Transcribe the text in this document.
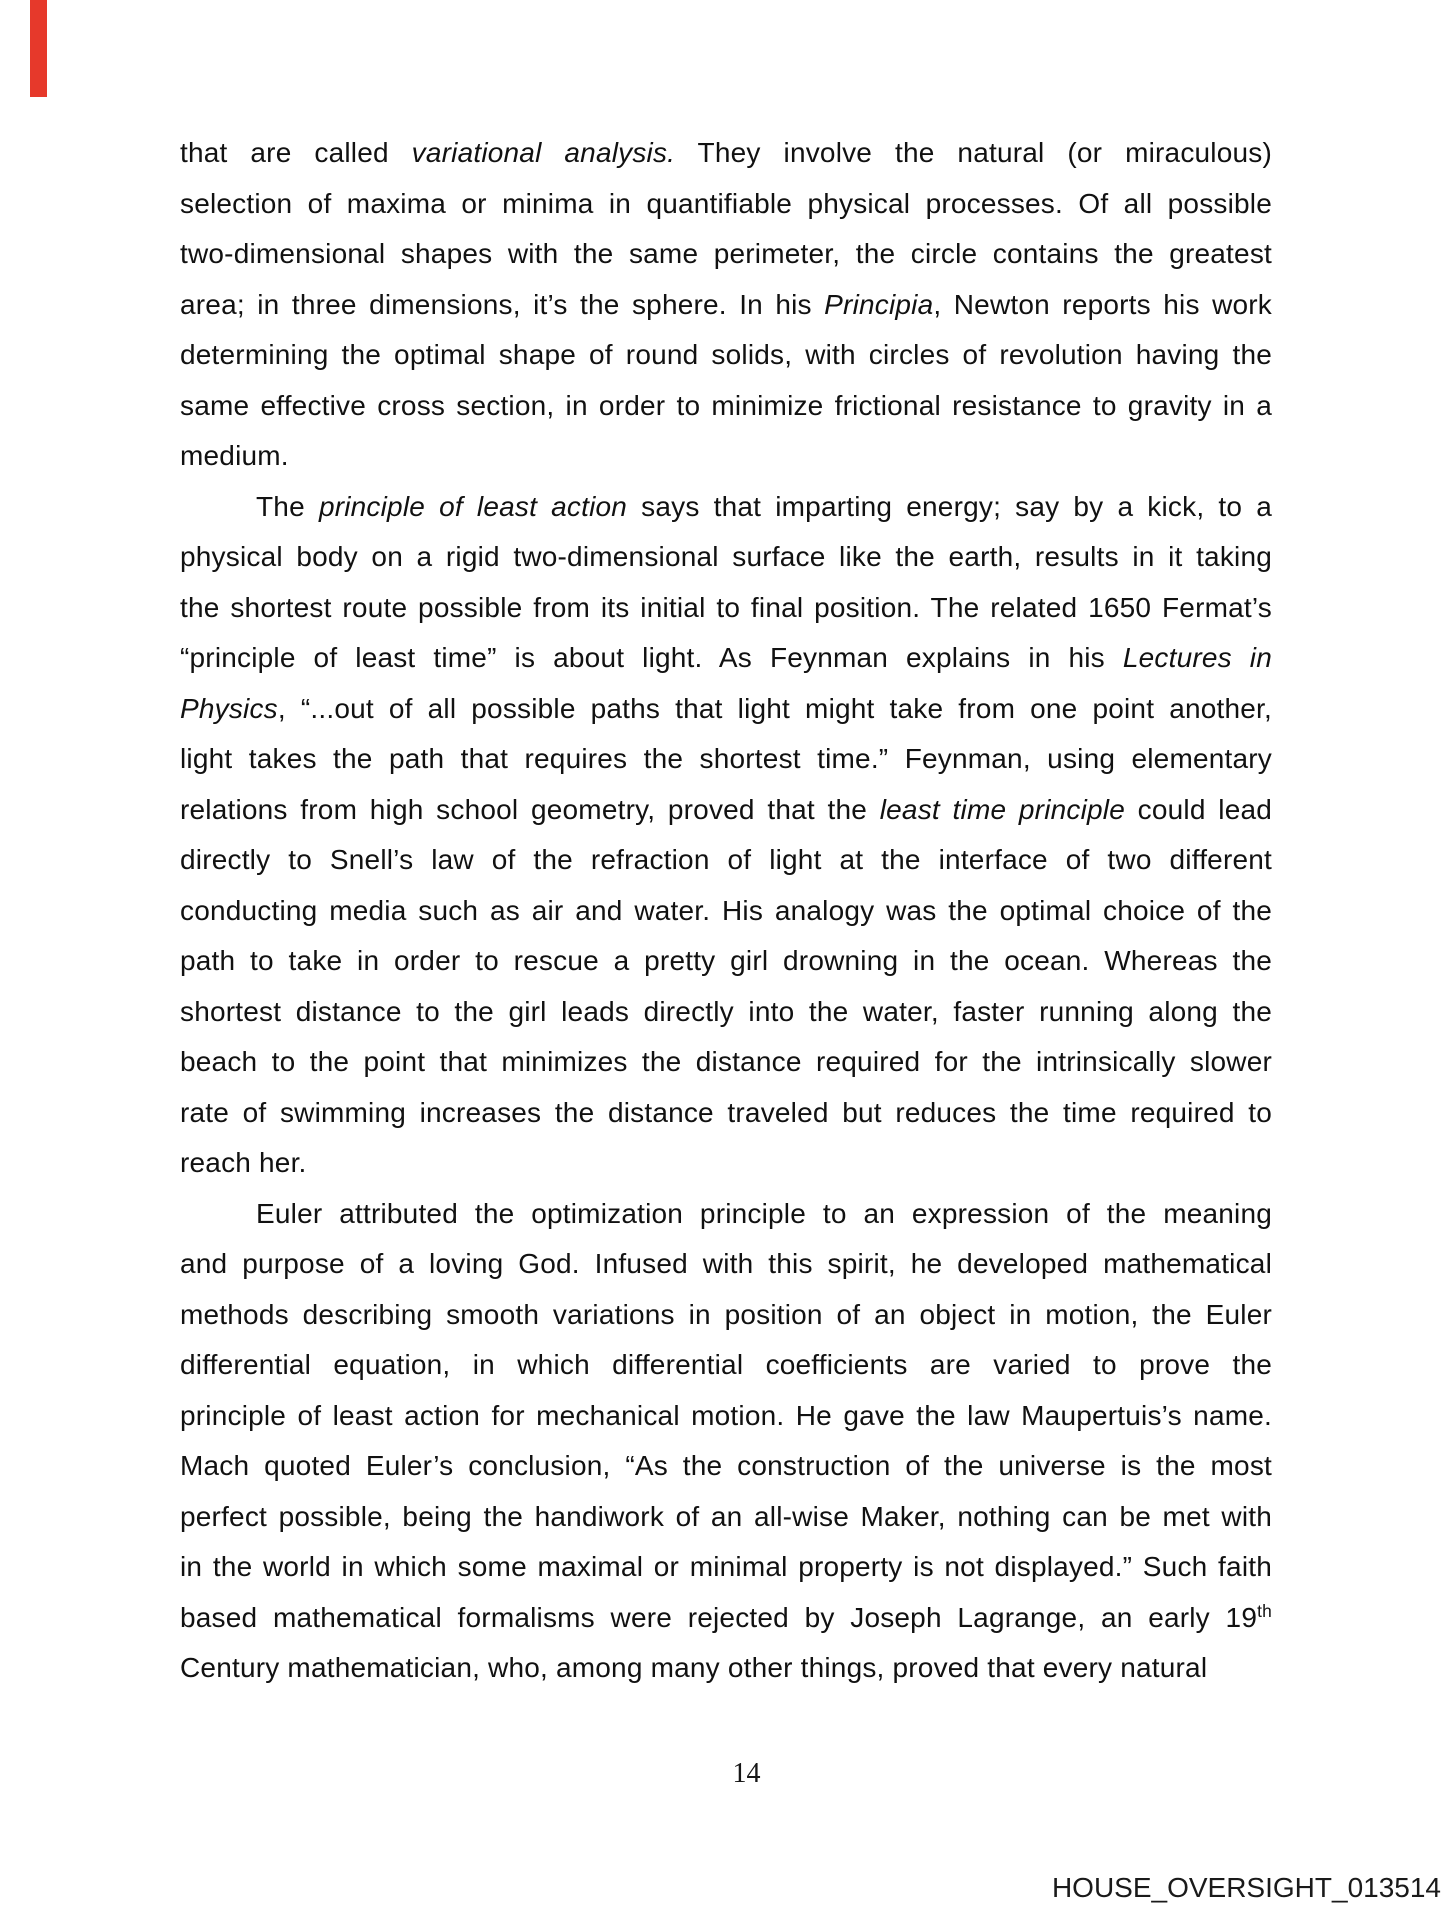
that are called variational analysis. They involve the natural (or miraculous)
selection of maxima or minima in quantifiable physical processes. Of all possible
two-dimensional shapes with the same perimeter, the circle contains the greatest
area; in three dimensions, it’s the sphere. In his Principia, Newton reports his work
determining the optimal shape of round solids, with circles of revolution having the
same effective cross section, in order to minimize frictional resistance to gravity in a
medium.
The principle of least action says that imparting energy; say by a kick, to a
physical body on a rigid two-dimensional surface like the earth, results in it taking
the shortest route possible from its initial to final position. The related 1650 Fermat’s
“principle of least time” is about light. As Feynman explains in his Lectures in
Physics, “...out of all possible paths that light might take from one point another,
light takes the path that requires the shortest time.” Feynman, using elementary
relations from high school geometry, proved that the least time principle could lead
directly to Snell’s law of the refraction of light at the interface of two different
conducting media such as air and water. His analogy was the optimal choice of the
path to take in order to rescue a pretty girl drowning in the ocean. Whereas the
shortest distance to the girl leads directly into the water, faster running along the
beach to the point that minimizes the distance required for the intrinsically slower
rate of swimming increases the distance traveled but reduces the time required to
reach her.
Euler attributed the optimization principle to an expression of the meaning
and purpose of a loving God. Infused with this spirit, he developed mathematical
methods describing smooth variations in position of an object in motion, the Euler
differential equation, in which differential coefficients are varied to prove the
principle of least action for mechanical motion. He gave the law Maupertuis’s name.
Mach quoted Euler’s conclusion, “As the construction of the universe is the most
perfect possible, being the handiwork of an all-wise Maker, nothing can be met with
in the world in which some maximal or minimal property is not displayed.” Such faith
based mathematical formalisms were rejected by Joseph Lagrange, an early 19th
Century mathematician, who, among many other things, proved that every natural
14
HOUSE_OVERSIGHT_013514
